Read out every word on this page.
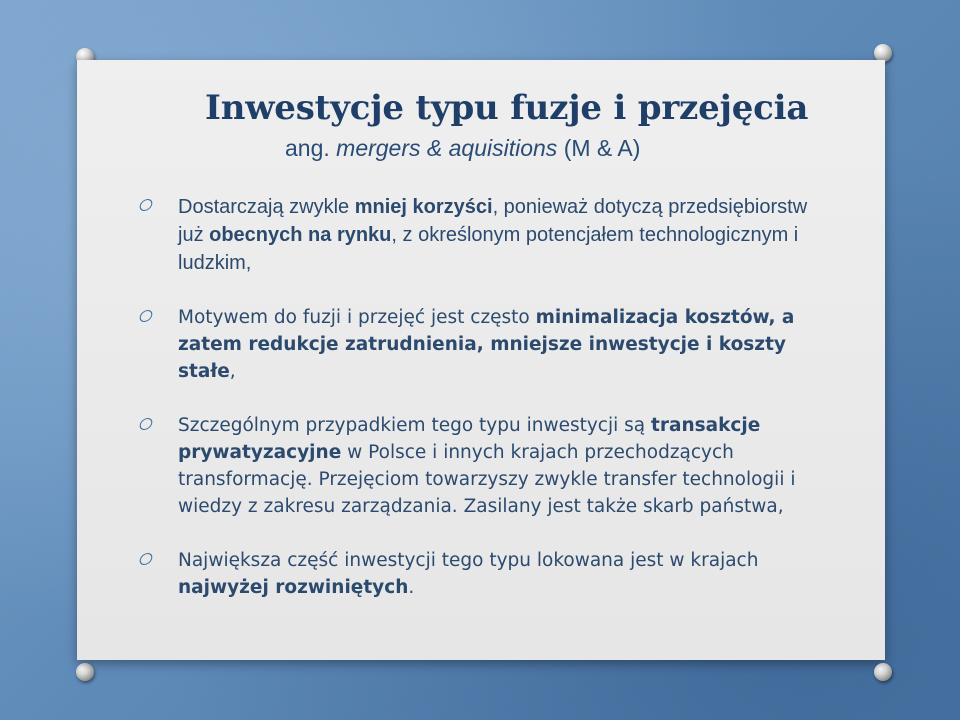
Inwestycje typu fuzje i przejęcia
ang. mergers & aquisitions (M & A)
Dostarczają zwykle mniej korzyści, ponieważ dotyczą przedsiębiorstw już obecnych na rynku, z określonym potencjałem technologicznym i ludzkim,
Motywem do fuzji i przejęć jest często minimalizacja kosztów, a zatem redukcje zatrudnienia, mniejsze inwestycje i koszty stałe,
Szczególnym przypadkiem tego typu inwestycji są transakcje prywatyzacyjne w Polsce i innych krajach przechodzących transformację. Przejęciom towarzyszy zwykle transfer technologii i wiedzy z zakresu zarządzania. Zasilany jest także skarb państwa,
Największa część inwestycji tego typu lokowana jest w krajach najwyżej rozwiniętych.
